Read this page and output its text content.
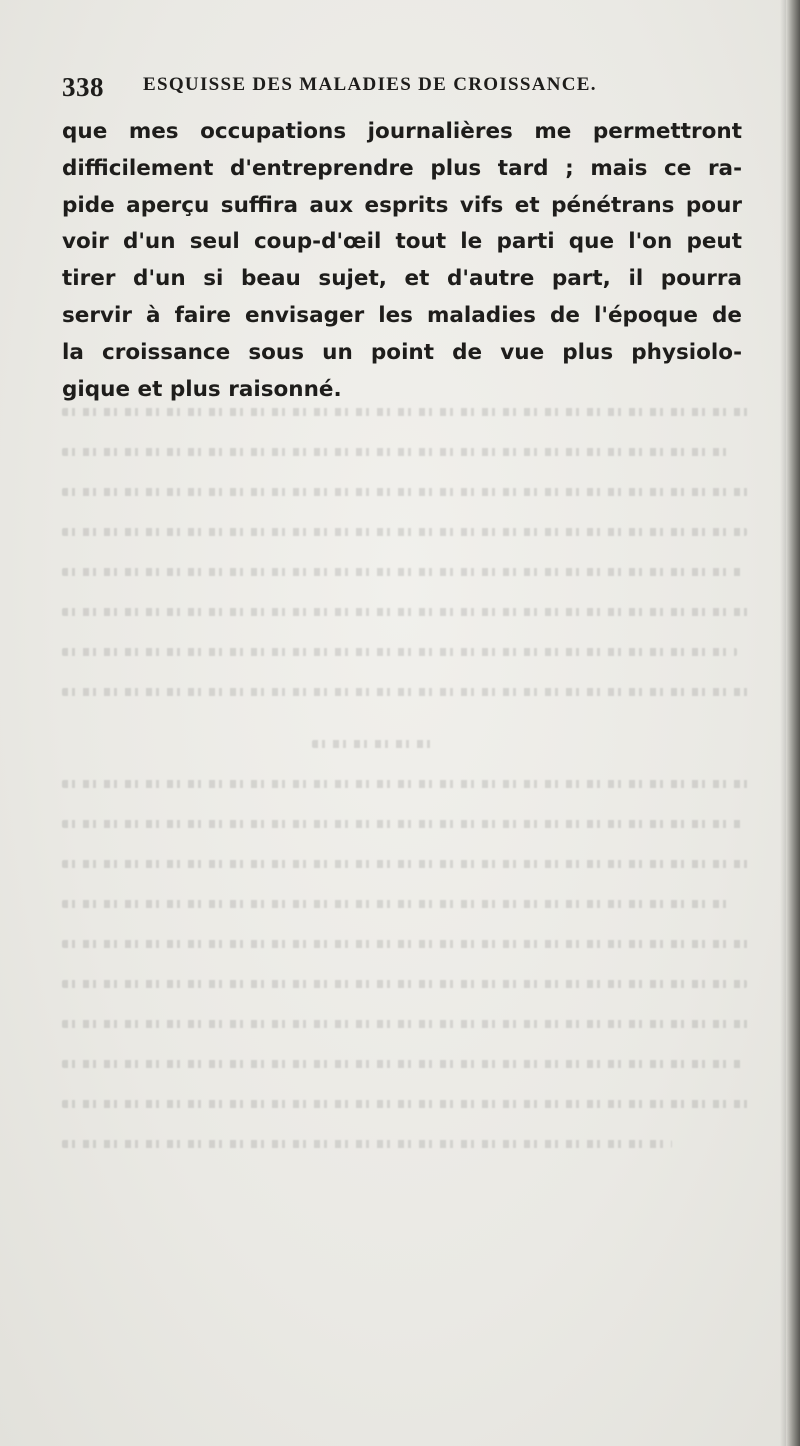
338 ESQUISSE DES MALADIES DE CROISSANCE.
que mes occupations journalières me permettront
difficilement d'entreprendre plus tard ; mais ce ra-
pide aperçu suffira aux esprits vifs et pénétrans pour
voir d'un seul coup-d'œil tout le parti que l'on peut
tirer d'un si beau sujet, et d'autre part, il pourra
servir à faire envisager les maladies de l'époque de
la croissance sous un point de vue plus physiolo-
gique et plus raisonné.
